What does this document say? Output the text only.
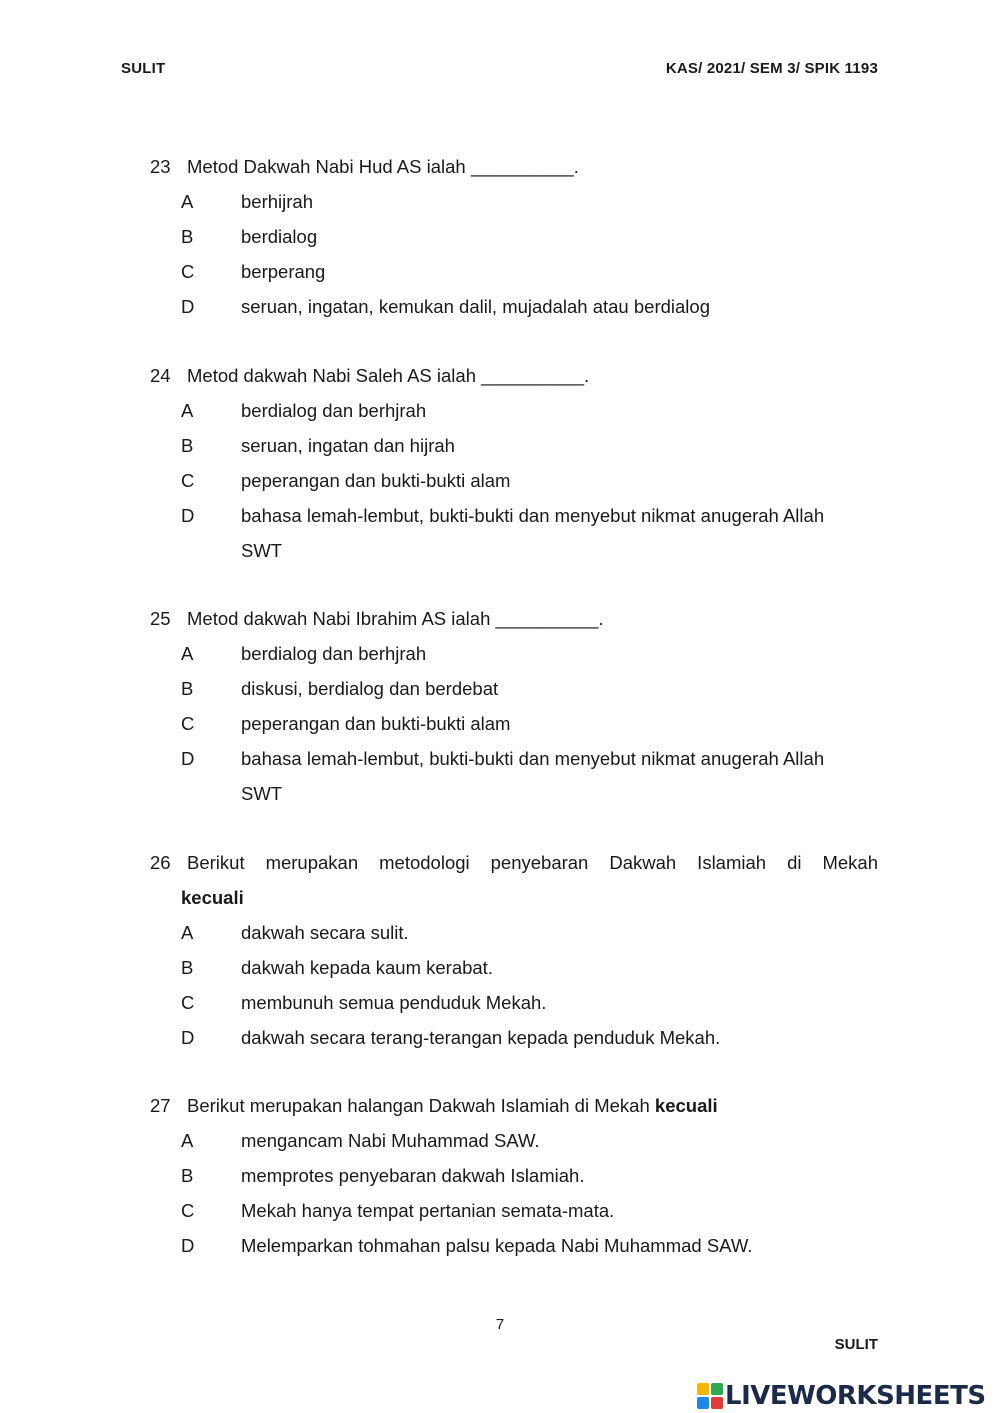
SULIT	KAS/ 2021/ SEM 3/ SPIK 1193
23 Metod Dakwah Nabi Hud AS ialah __________.
A	berhijrah
B	berdialog
C	berperang
D	seruan, ingatan, kemukan dalil, mujadalah atau berdialog
24 Metod dakwah Nabi Saleh AS ialah __________.
A	berdialog dan berhjrah
B	seruan, ingatan dan hijrah
C	peperangan dan bukti-bukti alam
D	bahasa lemah-lembut, bukti-bukti dan menyebut nikmat anugerah Allah
SWT
25 Metod dakwah Nabi Ibrahim AS ialah __________.
A	berdialog dan berhjrah
B	diskusi, berdialog dan berdebat
C	peperangan dan bukti-bukti alam
D	bahasa lemah-lembut, bukti-bukti dan menyebut nikmat anugerah Allah
SWT
26 Berikut merupakan metodologi penyebaran Dakwah Islamiah di Mekah
kecuali
A	dakwah secara sulit.
B	dakwah kepada kaum kerabat.
C	membunuh semua penduduk Mekah.
D	dakwah secara terang-terangan kepada penduduk Mekah.
27 Berikut merupakan halangan Dakwah Islamiah di Mekah kecuali
A	mengancam Nabi Muhammad SAW.
B	memprotes penyebaran dakwah Islamiah.
C	Mekah hanya tempat pertanian semata-mata.
D	Melemparkan tohmahan palsu kepada Nabi Muhammad SAW.
7
SULIT
LIVEWORKSHEETS
